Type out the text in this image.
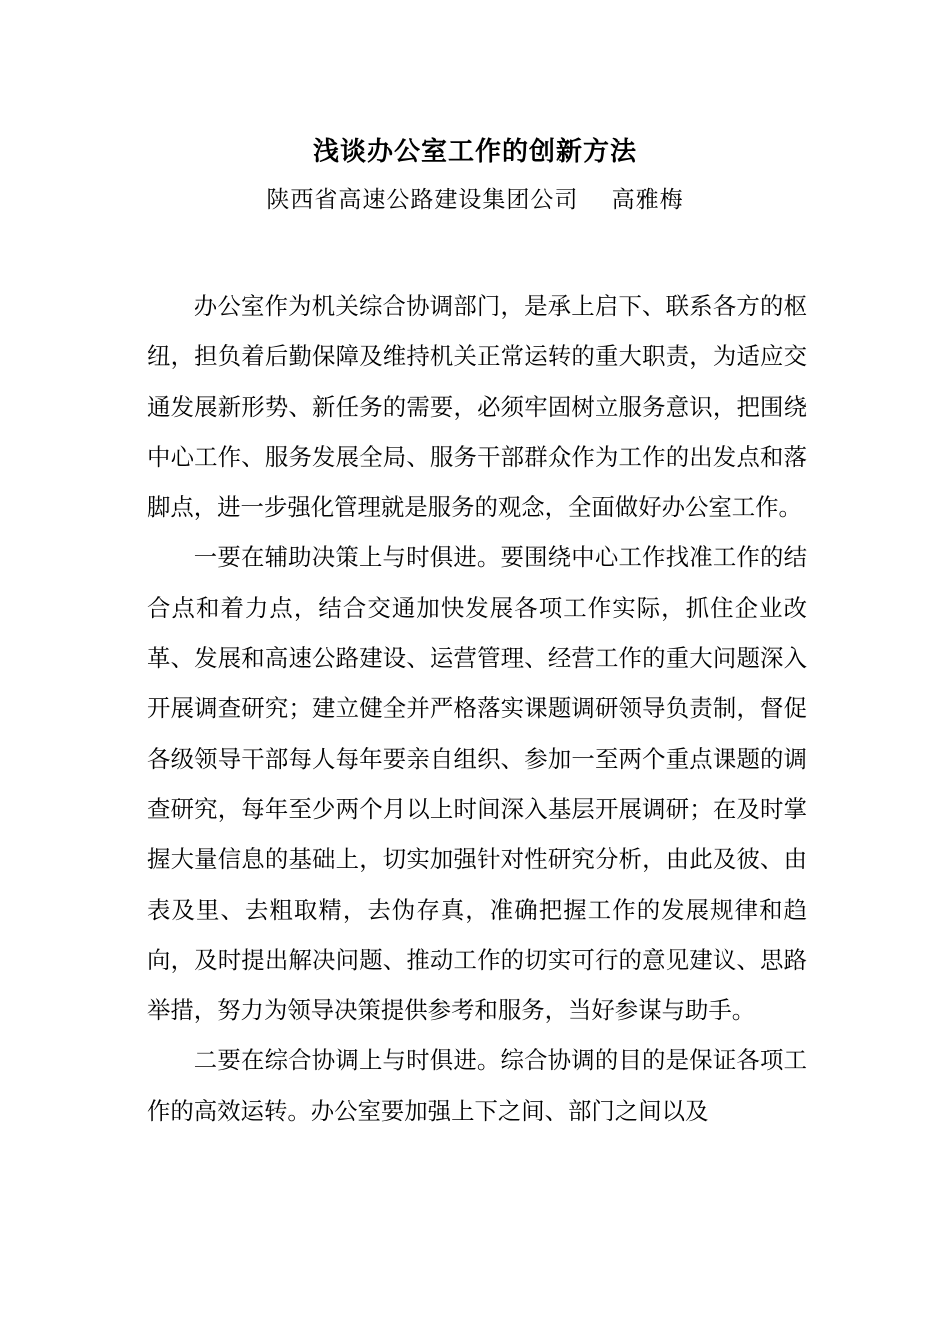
浅谈办公室工作的创新方法
陕西省高速公路建设集团公司    高雅梅

办公室作为机关综合协调部门，是承上启下、联系各方的枢纽，担负着后勤保障及维持机关正常运转的重大职责，为适应交通发展新形势、新任务的需要，必须牢固树立服务意识，把围绕中心工作、服务发展全局、服务干部群众作为工作的出发点和落脚点，进一步强化管理就是服务的观念，全面做好办公室工作。

一要在辅助决策上与时俱进。要围绕中心工作找准工作的结合点和着力点，结合交通加快发展各项工作实际，抓住企业改革、发展和高速公路建设、运营管理、经营工作的重大问题深入开展调查研究；建立健全并严格落实课题调研领导负责制，督促各级领导干部每人每年要亲自组织、参加一至两个重点课题的调查研究，每年至少两个月以上时间深入基层开展调研；在及时掌握大量信息的基础上，切实加强针对性研究分析，由此及彼、由表及里、去粗取精，去伪存真，准确把握工作的发展规律和趋向，及时提出解决问题、推动工作的切实可行的意见建议、思路举措，努力为领导决策提供参考和服务，当好参谋与助手。

二要在综合协调上与时俱进。综合协调的目的是保证各项工作的高效运转。办公室要加强上下之间、部门之间以及
